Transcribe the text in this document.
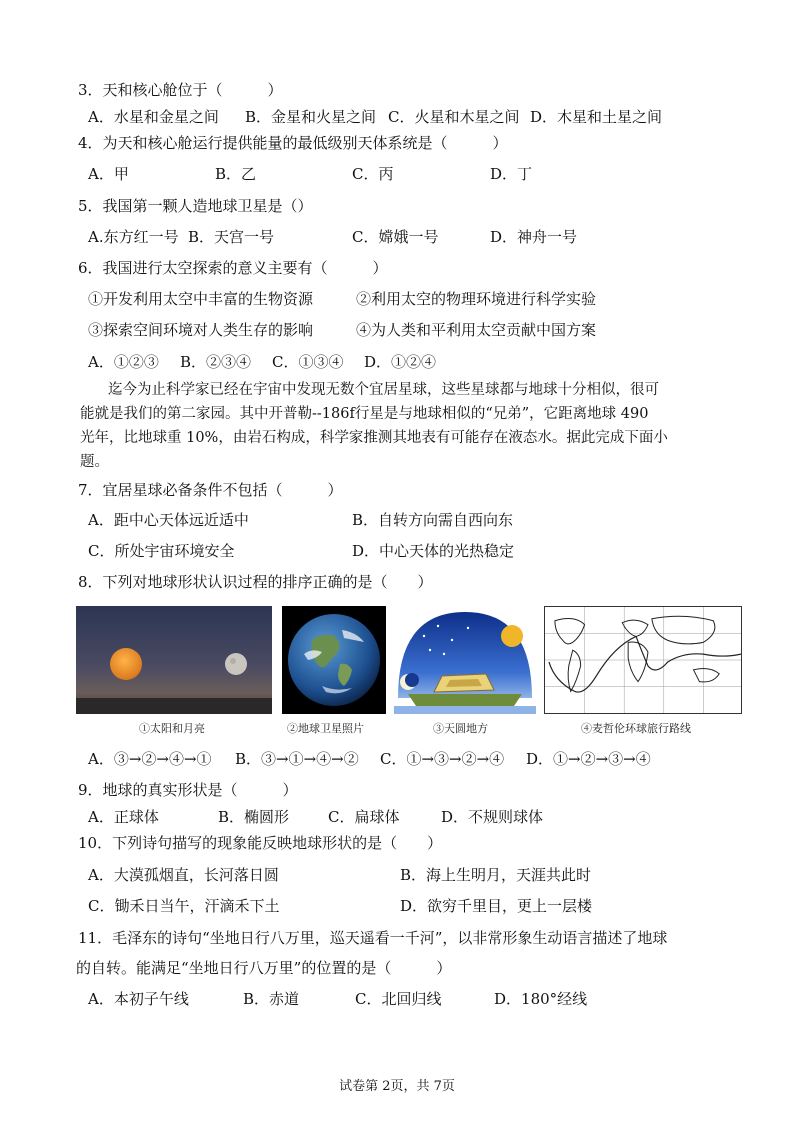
3．天和核心舱位于（　　　）
A．水星和金星之间 B．金星和火星之间 C．火星和木星之间 D．木星和土星之间
4．为天和核心舱运行提供能量的最低级别天体系统是（　　　）
A．甲	B．乙	C．丙	D．丁
5．我国第一颗人造地球卫星是（）
A.东方红一号 B．天宫一号	C．嫦娥一号	D．神舟一号
6．我国进行太空探索的意义主要有（　　　）
①开发利用太空中丰富的生物资源	②利用太空的物理环境进行科学实验
③探索空间环境对人类生存的影响	④为人类和平利用太空贡献中国方案
A．①②③ B．②③④ C．①③④ D．①②④

迄今为止科学家已经在宇宙中发现无数个宜居星球，这些星球都与地球十分相似，很可

能就是我们的第二家园。其中开普勒--186f行星是与地球相似的“兄弟”，它距离地球 490

光年，比地球重 10%，由岩石构成，科学家推测其地表有可能存在液态水。据此完成下面小

题。

7．宜居星球必备条件不包括（　　　）
A．距中心天体远近适中	B．自转方向需自西向东
C．所处宇宙环境安全	D．中心天体的光热稳定
8．下列对地球形状认识过程的排序正确的是（　　）
①太阳和月亮	②地球卫星照片	③天圆地方	④麦哲伦环球旅行路线
A．③→②→④→① B．③→①→④→② C．①→③→②→④ D．①→②→③→④
9．地球的真实形状是（　　　）
A．正球体	B．椭圆形	C．扁球体	D．不规则球体
10．下列诗句描写的现象能反映地球形状的是（　　）
A．大漠孤烟直，长河落日圆	B．海上生明月，天涯共此时
C．锄禾日当午，汗滴禾下土	D．欲穷千里目，更上一层楼
11．毛泽东的诗句“坐地日行八万里，巡天遥看一千河”，以非常形象生动语言描述了地球
的自转。能满足“坐地日行八万里”的位置的是（　　　）
A．本初子午线	B．赤道	C．北回归线	D．180°经线
试卷第 2页，共 7页
